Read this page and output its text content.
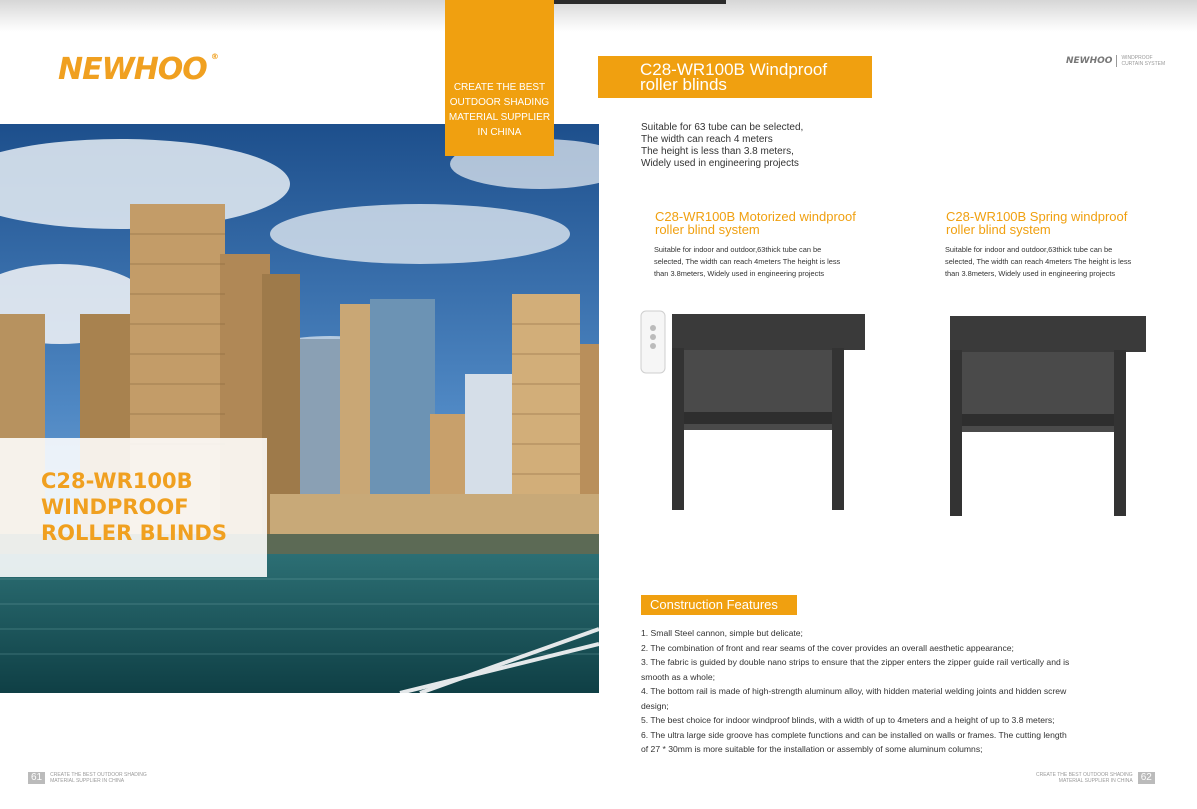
NEWHOO ®
CREATE THE BEST
OUTDOOR SHADING
MATERIAL SUPPLIER
IN CHINA
C28-WR100B
WINDPROOF
ROLLER BLINDS
C28-WR100B Windproof
roller blinds
NEWHOO WINDPROOF
CURTAIN SYSTEM
Suitable for 63 tube can be selected,
The width can reach 4 meters
The height is less than 3.8 meters,
Widely used in engineering projects
C28-WR100B Motorized windproof
roller blind system
Suitable for indoor and outdoor,63thick tube can be
selected, The width can reach 4meters The height is less
than 3.8meters, Widely used in engineering projects
C28-WR100B Spring windproof
roller blind system
Suitable for indoor and outdoor,63thick tube can be
selected, The width can reach 4meters The height is less
than 3.8meters, Widely used in engineering projects
Construction Features
1. Small Steel cannon, simple but delicate;
2. The combination of front and rear seams of the cover provides an overall aesthetic appearance;
3. The fabric is guided by double nano strips to ensure that the zipper enters the zipper guide rail vertically and is
smooth as a whole;
4. The bottom rail is made of high-strength aluminum alloy, with hidden material welding joints and hidden screw
design;
5. The best choice for indoor windproof blinds, with a width of up to 4meters and a height of up to 3.8 meters;
6. The ultra large side groove has complete functions and can be installed on walls or frames. The cutting length
of 27 * 30mm is more suitable for the installation or assembly of some aluminum columns;
61	CREATE THE BEST OUTDOOR SHADING
MATERIAL SUPPLIER IN CHINA
CREATE THE BEST OUTDOOR SHADING
MATERIAL SUPPLIER IN CHINA 62
